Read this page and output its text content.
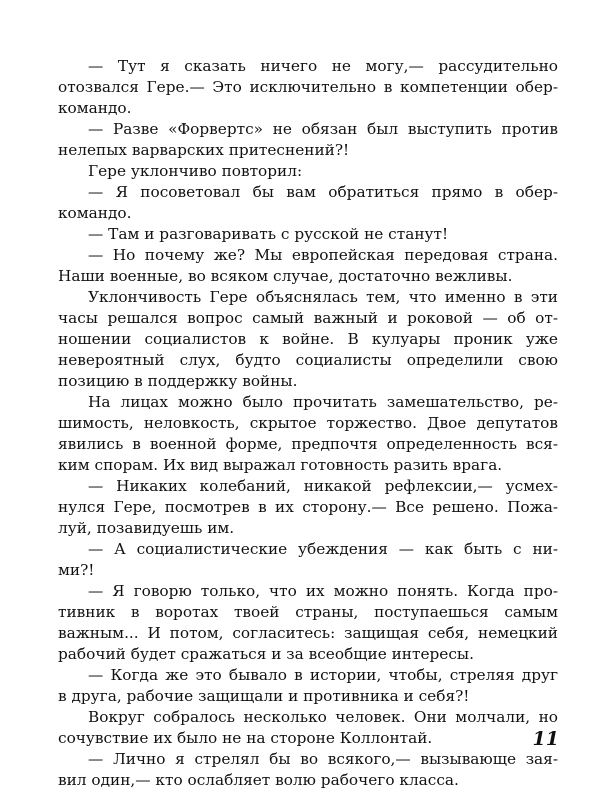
— Тут я сказать ничего не могу,— рассудительно
отозвался Гере.— Это исключительно в компетенции обер-
командо.
— Разве «Форвертс» не обязан был выступить против
нелепых варварских притеснений?!
Гере уклончиво повторил:
— Я посоветовал бы вам обратиться прямо в обер-
командо.
— Там и разговаривать с русской не станут!
— Но почему же? Мы европейская передовая страна.
Наши военные, во всяком случае, достаточно вежливы.
Уклончивость Гере объяснялась тем, что именно в эти
часы решался вопрос самый важный и роковой — об от-
ношении социалистов к войне. В кулуары проник уже
невероятный слух, будто социалисты определили свою
позицию в поддержку войны.
На лицах можно было прочитать замешательство, ре-
шимость, неловкость, скрытое торжество. Двое депутатов
явились в военной форме, предпочтя определенность вся-
ким спорам. Их вид выражал готовность разить врага.
— Никаких колебаний, никакой рефлексии,— усмех-
нулся Гере, посмотрев в их сторону.— Все решено. Пожа-
луй, позавидуешь им.
— А социалистические убеждения — как быть с ни-
ми?!
— Я говорю только, что их можно понять. Когда про-
тивник в воротах твоей страны, поступаешься самым
важным... И потом, согласитесь: защищая себя, немецкий
рабочий будет сражаться и за всеобщие интересы.
— Когда же это бывало в истории, чтобы, стреляя друг
в друга, рабочие защищали и противника и себя?!
Вокруг собралось несколько человек. Они молчали, но
сочувствие их было не на стороне Коллонтай.
— Лично я стрелял бы во всякого,— вызывающе зая-
вил один,— кто ослабляет волю рабочего класса.
11
